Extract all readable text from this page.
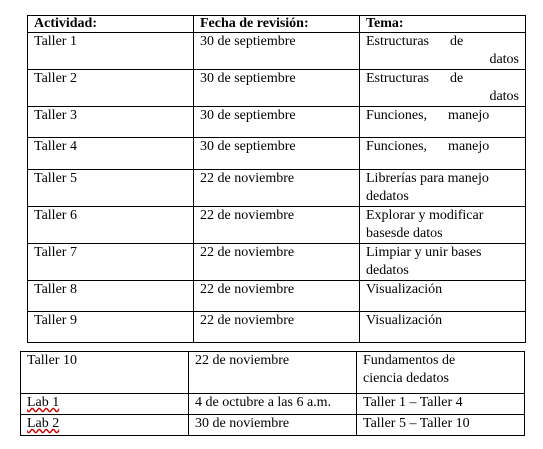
Actividad:	Fecha de revisión:	Tema:
Taller 1	30 de septiembre	Estructuras      de
datos

Taller 2	30 de septiembre	Estructuras      de
datos

Taller 3	30 de septiembre	Funciones,      manejo
Taller 4	30 de septiembre	Funciones,      manejo
Taller 5	22 de noviembre	Librerías para manejo
dedatos

Taller 6	22 de noviembre	Explorar y modificar
basesde datos

Taller 7	22 de noviembre	Limpiar y unir bases
dedatos

Taller 8	22 de noviembre	Visualización
Taller 9	22 de noviembre	Visualización
Taller 10	22 de noviembre	Fundamentos de
ciencia dedatos

Lab 1	4 de octubre a las 6 a.m.	Taller 1 – Taller 4
Lab 2	30 de noviembre	Taller 5 – Taller 10
